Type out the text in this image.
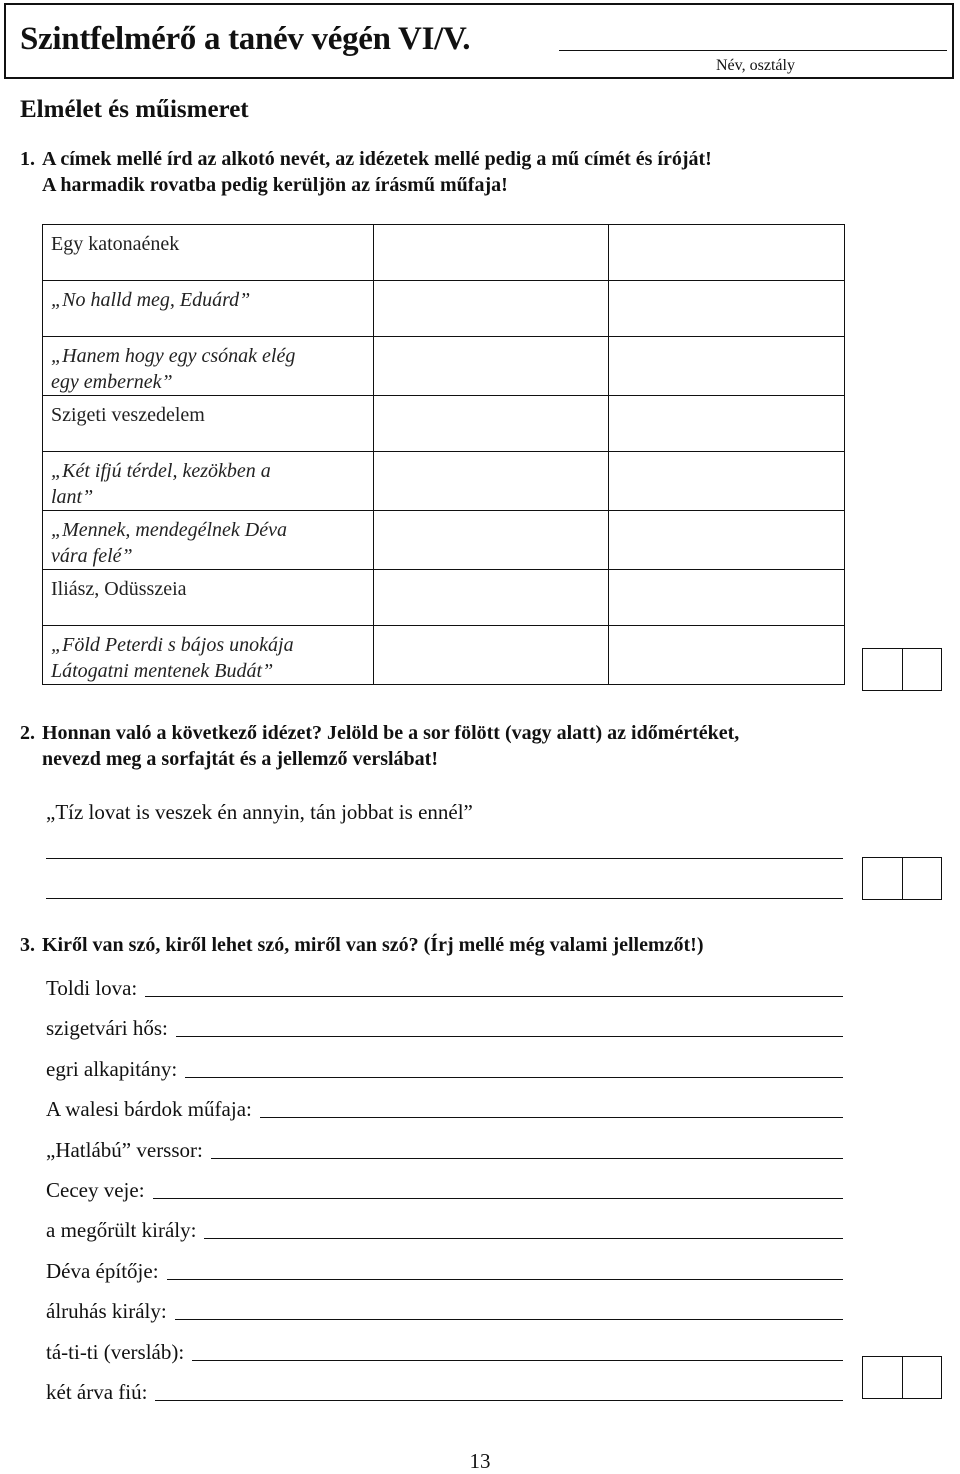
Szintfelmérő a tanév végén VI/V.
Név, osztály
Elmélet és műismeret
1. A címek mellé írd az alkotó nevét, az idézetek mellé pedig a mű címét és íróját!
A harmadik rovatba pedig kerüljön az írásmű műfaja!
Egy katonaének		

„No halld meg, Eduárd”		

„Hanem hogy egy csónak elég
egy embernek”		

Szigeti veszedelem		

„Két ifjú térdel, kezökben a
lant”		

„Mennek, mendegélnek Déva
vára felé”		

Iliász, Odüsszeia		

„Föld Peterdi s bájos unokája
Látogatni mentenek Budát”		

2. Honnan való a következő idézet? Jelöld be a sor fölött (vagy alatt) az időmértéket,
nevezd meg a sorfajtát és a jellemző verslábat!
„Tíz lovat is veszek én annyin, tán jobbat is ennél”
3. Kiről van szó, kiről lehet szó, miről van szó? (Írj mellé még valami jellemzőt!)
Toldi lova:
szigetvári hős:
egri alkapitány:
A walesi bárdok műfaja:
„Hatlábú” verssor:
Cecey veje:
a megőrült király:
Déva építője:
álruhás király:
tá-ti-ti (versláb):
két árva fiú:
13
